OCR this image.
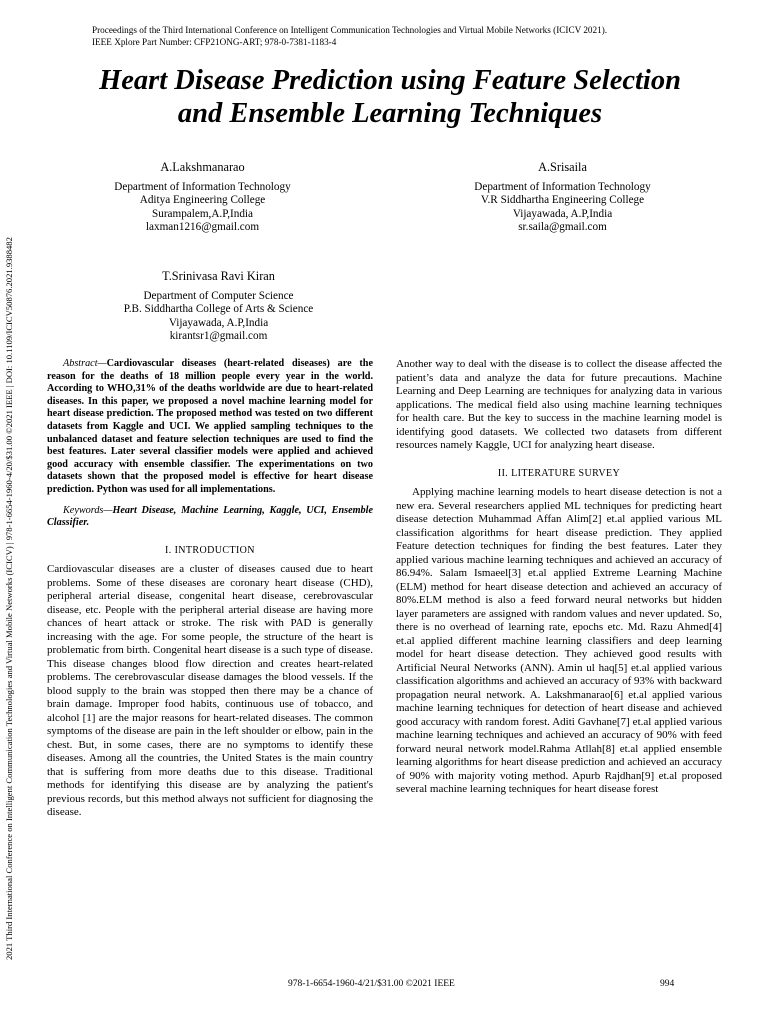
Proceedings of the Third International Conference on Intelligent Communication Technologies and Virtual Mobile Networks (ICICV 2021).
IEEE Xplore Part Number: CFP21ONG-ART; 978-0-7381-1183-4
2021 Third International Conference on Intelligent Communication Technologies and Virtual Mobile Networks (ICICV) | 978-1-6654-1960-4/20/$31.00 ©2021 IEEE | DOI: 10.1109/ICICV50876.2021.9388482
Heart Disease Prediction using Feature Selection
and Ensemble Learning Techniques
A.Lakshmanarao
Department of Information Technology
Aditya Engineering College
Surampalem,A.P,India
laxman1216@gmail.com
A.Srisaila
Department of Information Technology
V.R Siddhartha Engineering College
Vijayawada, A.P,India
sr.saila@gmail.com
T.Srinivasa Ravi Kiran
Department of Computer Science
P.B. Siddhartha College of Arts & Science
Vijayawada, A.P,India
kirantsr1@gmail.com

Abstract—Cardiovascular diseases (heart-related diseases) are the reason for the deaths of 18 million people every year in the world. According to WHO,31% of the deaths worldwide are due to heart-related diseases. In this paper, we proposed a novel machine learning model for heart disease prediction. The proposed method was tested on two different datasets from Kaggle and UCI. We applied sampling techniques to the unbalanced dataset and feature selection techniques are used to find the best features. Later several classifier models were applied and achieved good accuracy with ensemble classifier. The experimentations on two datasets shown that the proposed model is effective for heart disease prediction. Python was used for all implementations.

Keywords—Heart Disease, Machine Learning, Kaggle, UCI, Ensemble Classifier.

I. INTRODUCTION

Cardiovascular diseases are a cluster of diseases caused due to heart problems. Some of these diseases are coronary heart disease (CHD), peripheral arterial disease, congenital heart disease, cerebrovascular disease, etc. People with the peripheral arterial disease are having more chances of heart attack or stroke. The risk with PAD is generally increasing with the age. For some people, the structure of the heart is problematic from birth. Congenital heart disease is a such type of disease. This disease changes blood flow direction and creates heart-related problems. The cerebrovascular disease damages the blood vessels. If the blood supply to the brain was stopped then there may be a chance of brain damage. Improper food habits, continuous use of tobacco, and alcohol [1] are the major reasons for heart-related diseases. The common symptoms of the disease are pain in the left shoulder or elbow, pain in the chest. But, in some cases, there are no symptoms to identify these diseases. Among all the countries, the United States is the main country that is suffering from more deaths due to this disease. Traditional methods for identifying this disease are by analyzing the patient's previous records, but this method always not sufficient for diagnosing the disease.

Another way to deal with the disease is to collect the disease affected the patient’s data and analyze the data for future precautions. Machine Learning and Deep Learning are techniques for analyzing data in various applications. The medical field also using machine learning techniques for health care. But the key to success in the machine learning model is identifying good datasets. We collected two datasets from different resources namely Kaggle, UCI for analyzing heart disease.

II. LITERATURE SURVEY

Applying machine learning models to heart disease detection is not a new era. Several researchers applied ML techniques for predicting heart disease detection Muhammad Affan Alim[2] et.al applied various ML classification algorithms for heart disease prediction. They applied Feature detection techniques for finding the best features. Later they applied various machine learning techniques and achieved an accuracy of 86.94%. Salam Ismaeel[3] et.al applied Extreme Learning Machine (ELM) method for heart disease detection and achieved an accuracy of 80%.ELM method is also a feed forward neural networks but hidden layer parameters are assigned with random values and never updated. So, there is no overhead of learning rate, epochs etc. Md. Razu Ahmed[4] et.al applied different machine learning classifiers and deep learning model for heart disease detection. They achieved good results with Artificial Neural Networks (ANN). Amin ul haq[5] et.al applied various classification algorithms and achieved an accuracy of 93% with backward propagation neural network. A. Lakshmanarao[6] et.al applied various machine learning techniques for detection of heart disease and achieved good accuracy with random forest. Aditi Gavhane[7] et.al applied various machine learning techniques and achieved an accuracy of 90% with feed forward neural network model.Rahma Atllah[8] et.al applied ensemble learning algorithms for heart disease prediction and achieved an accuracy of 90% with majority voting method. Apurb Rajdhan[9] et.al proposed several machine learning techniques for heart disease forest

978-1-6654-1960-4/21/$31.00 ©2021 IEEE	994
